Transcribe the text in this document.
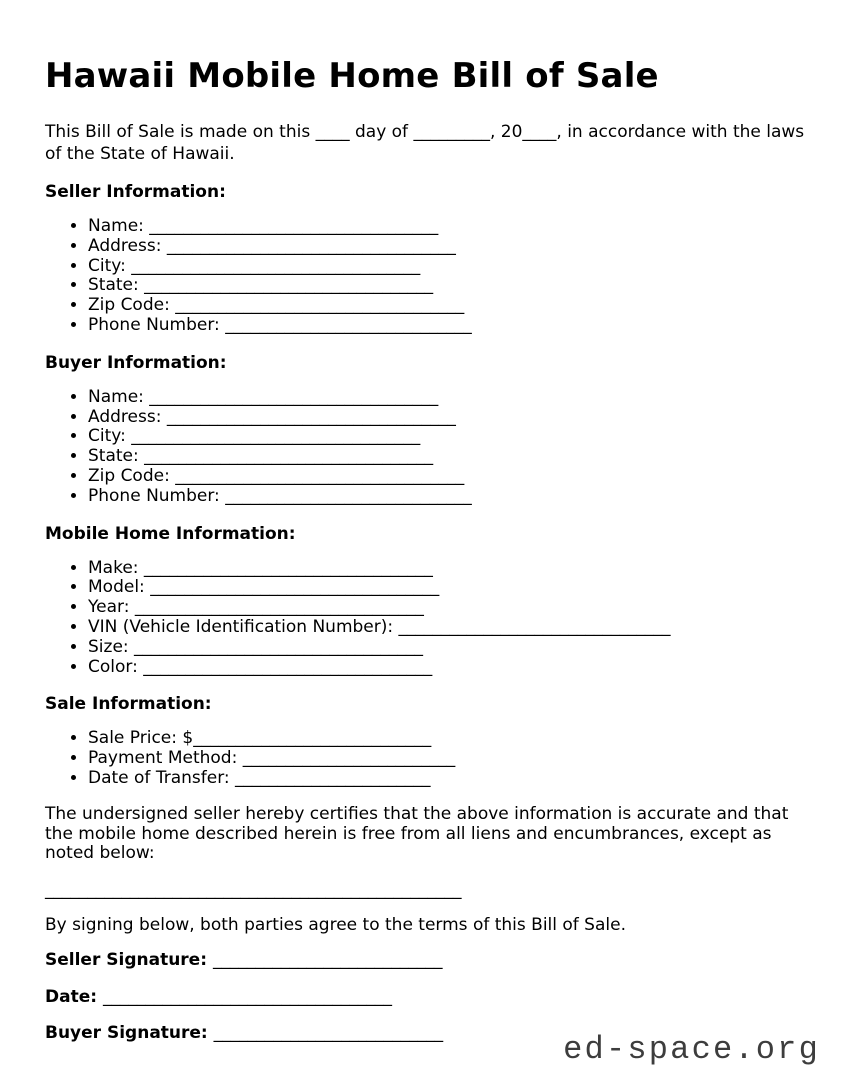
Hawaii Mobile Home Bill of Sale
This Bill of Sale is made on this ____ day of _________, 20____, in accordance with the laws
of the State of Hawaii.
Seller Information:
• Name: __________________________________
• Address: __________________________________
• City: __________________________________
• State: __________________________________
• Zip Code: __________________________________
• Phone Number: _____________________________
Buyer Information:
• Name: __________________________________
• Address: __________________________________
• City: __________________________________
• State: __________________________________
• Zip Code: __________________________________
• Phone Number: _____________________________
Mobile Home Information:
• Make: __________________________________
• Model: __________________________________
• Year: __________________________________
• VIN (Vehicle Identification Number): ________________________________
• Size: __________________________________
• Color: __________________________________
Sale Information:
• Sale Price: $____________________________
• Payment Method: _________________________
• Date of Transfer: _______________________
The undersigned seller hereby certifies that the above information is accurate and that
the mobile home described herein is free from all liens and encumbrances, except as
noted below:
_________________________________________________
By signing below, both parties agree to the terms of this Bill of Sale.
Seller Signature: ___________________________
Date: __________________________________
Buyer Signature: ___________________________	ed-space.org
